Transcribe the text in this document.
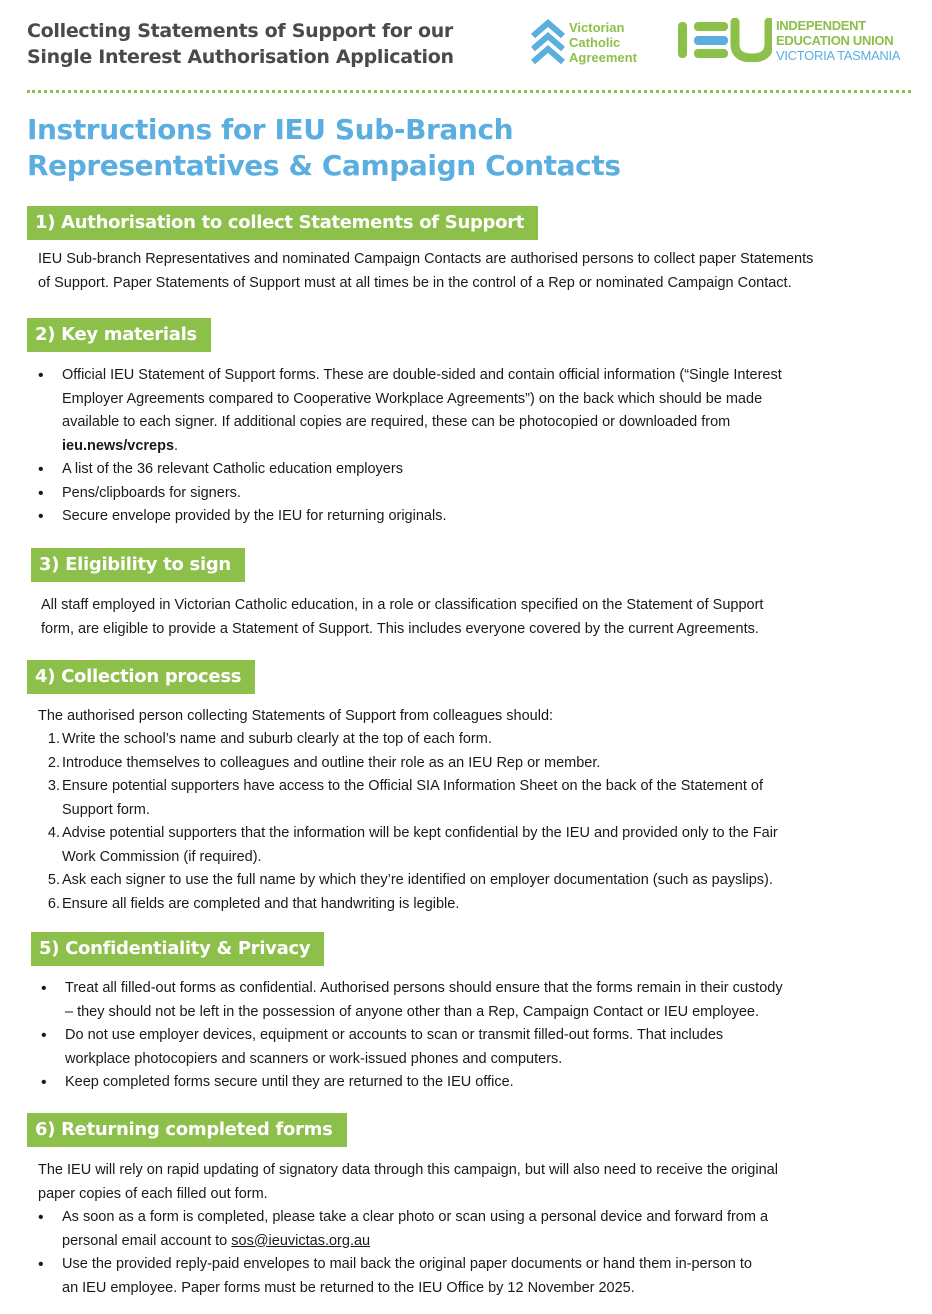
Collecting Statements of Support for our
Single Interest Authorisation Application
Victorian
Catholic
Agreement
INDEPENDENT
EDUCATION UNION
VICTORIA TASMANIA
Instructions for IEU Sub-Branch
Representatives & Campaign Contacts
1) Authorisation to collect Statements of Support
IEU Sub-branch Representatives and nominated Campaign Contacts are authorised persons to collect paper Statements
of Support. Paper Statements of Support must at all times be in the control of a Rep or nominated Campaign Contact.
2) Key materials
• Official IEU Statement of Support forms. These are double-sided and contain official information (“Single Interest
Employer Agreements compared to Cooperative Workplace Agreements”) on the back which should be made
available to each signer. If additional copies are required, these can be photocopied or downloaded from
ieu.news/vcreps.
• A list of the 36 relevant Catholic education employers
• Pens/clipboards for signers.
• Secure envelope provided by the IEU for returning originals.
3) Eligibility to sign
All staff employed in Victorian Catholic education, in a role or classification specified on the Statement of Support
form, are eligible to provide a Statement of Support. This includes everyone covered by the current Agreements.
4) Collection process
The authorised person collecting Statements of Support from colleagues should:
1. Write the school’s name and suburb clearly at the top of each form.
2. Introduce themselves to colleagues and outline their role as an IEU Rep or member.
3. Ensure potential supporters have access to the Official SIA Information Sheet on the back of the Statement of
Support form.
4. Advise potential supporters that the information will be kept confidential by the IEU and provided only to the Fair
Work Commission (if required).
5. Ask each signer to use the full name by which they’re identified on employer documentation (such as payslips).
6. Ensure all fields are completed and that handwriting is legible.
5) Confidentiality & Privacy
• Treat all filled-out forms as confidential. Authorised persons should ensure that the forms remain in their custody
– they should not be left in the possession of anyone other than a Rep, Campaign Contact or IEU employee.
• Do not use employer devices, equipment or accounts to scan or transmit filled-out forms. That includes
workplace photocopiers and scanners or work-issued phones and computers.
• Keep completed forms secure until they are returned to the IEU office.
6) Returning completed forms
The IEU will rely on rapid updating of signatory data through this campaign, but will also need to receive the original
paper copies of each filled out form.
• As soon as a form is completed, please take a clear photo or scan using a personal device and forward from a
personal email account to sos@ieuvictas.org.au
• Use the provided reply-paid envelopes to mail back the original paper documents or hand them in-person to
an IEU employee. Paper forms must be returned to the IEU Office by 12 November 2025.
